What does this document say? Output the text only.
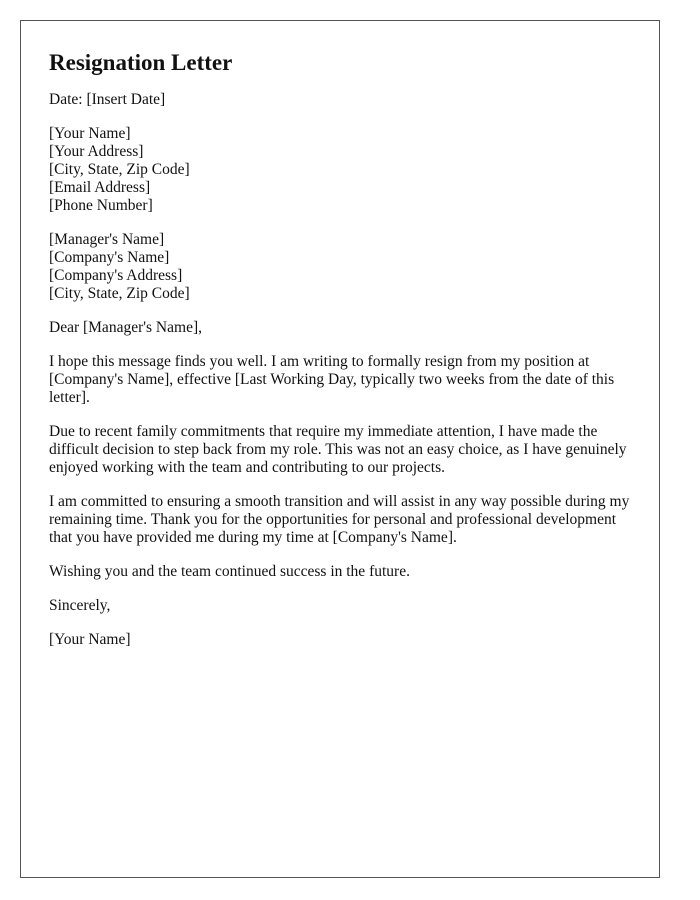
Resignation Letter
Date: [Insert Date]
[Your Name]
[Your Address]
[City, State, Zip Code]
[Email Address]
[Phone Number]
[Manager's Name]
[Company's Name]
[Company's Address]
[City, State, Zip Code]
Dear [Manager's Name],

I hope this message finds you well. I am writing to formally resign from my position at [Company's Name], effective [Last Working Day, typically two weeks from the date of this letter].

Due to recent family commitments that require my immediate attention, I have made the difficult decision to step back from my role. This was not an easy choice, as I have genuinely enjoyed working with the team and contributing to our projects.

I am committed to ensuring a smooth transition and will assist in any way possible during my remaining time. Thank you for the opportunities for personal and professional development that you have provided me during my time at [Company's Name].

Wishing you and the team continued success in the future.

Sincerely,
[Your Name]
